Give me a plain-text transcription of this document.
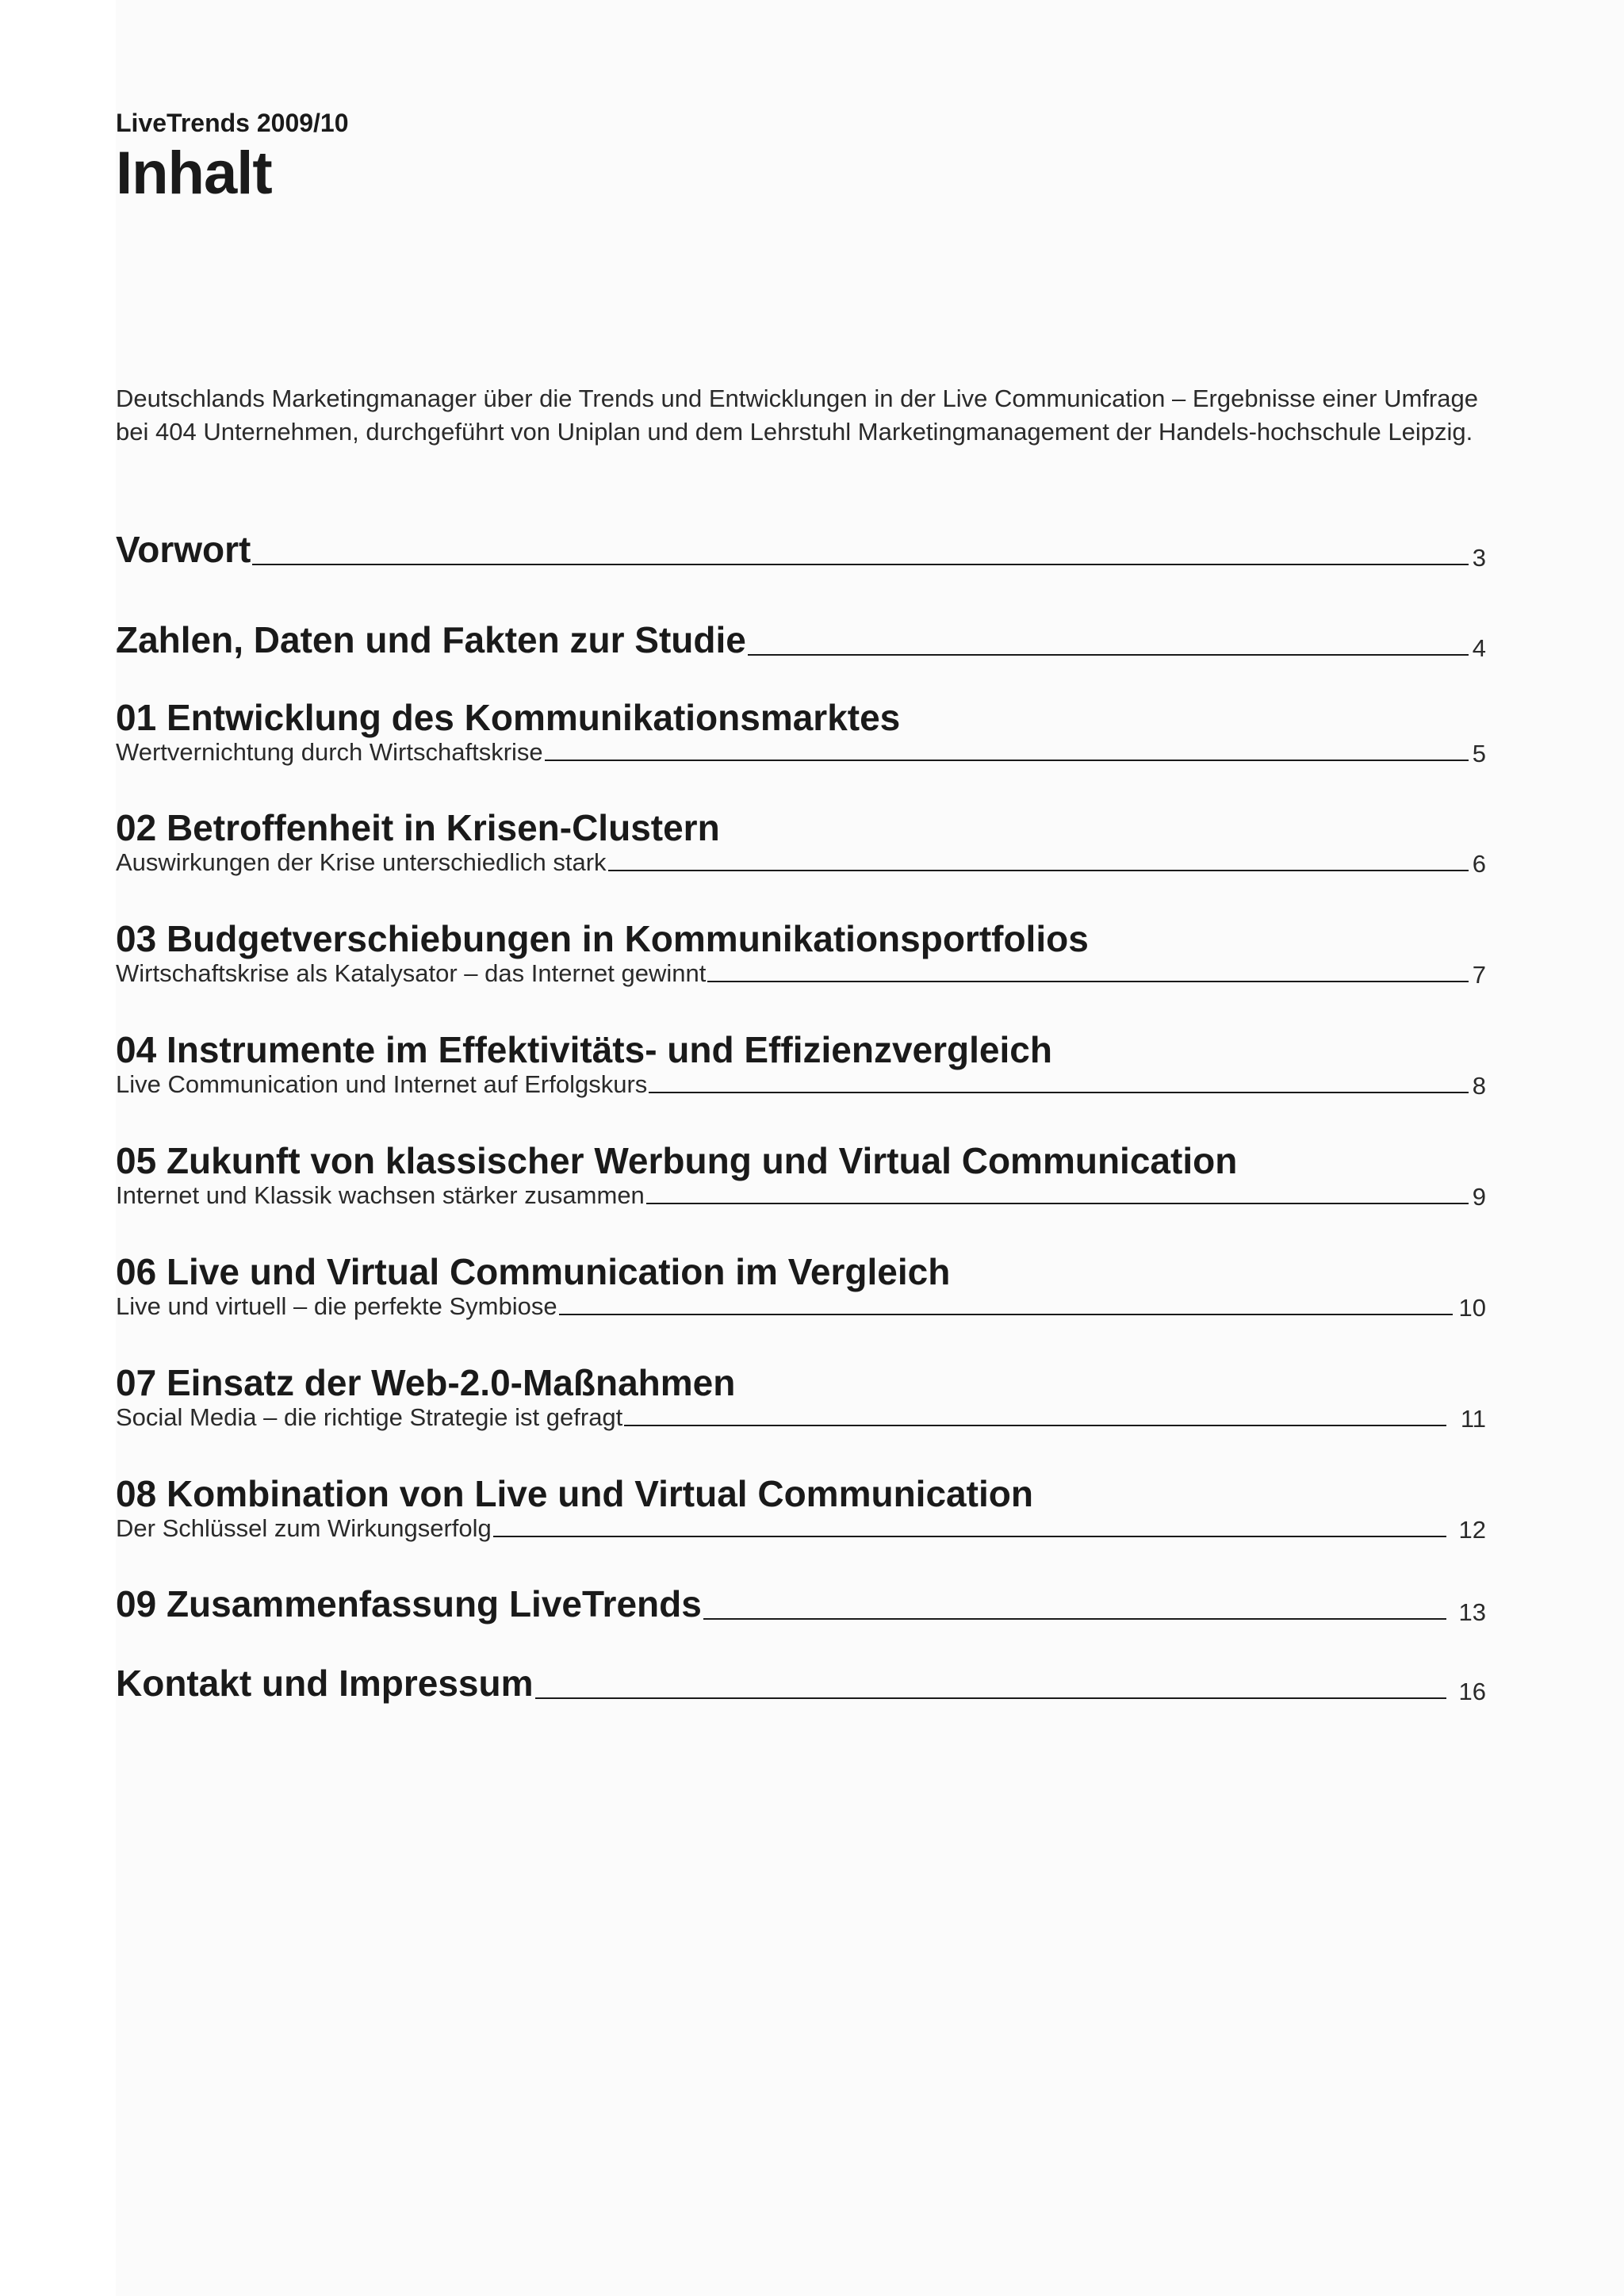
LiveTrends 2009/10
Inhalt
Deutschlands Marketingmanager über die Trends und Entwicklungen in der Live Communication – Ergebnisse einer Umfrage bei 404 Unternehmen, durchgeführt von Uniplan und dem Lehrstuhl Marketingmanagement der Handels-hochschule Leipzig.
Vorwort	3
Zahlen, Daten und Fakten zur Studie	4
01 Entwicklung des Kommunikationsmarktes
Wertvernichtung durch Wirtschaftskrise	5
02 Betroffenheit in Krisen-Clustern
Auswirkungen der Krise unterschiedlich stark	6
03 Budgetverschiebungen in Kommunikationsportfolios
Wirtschaftskrise als Katalysator – das Internet gewinnt	7
04 Instrumente im Effektivitäts- und Effizienzvergleich
Live Communication und Internet auf Erfolgskurs	8
05 Zukunft von klassischer Werbung und Virtual Communication
Internet und Klassik wachsen stärker zusammen	9
06 Live und Virtual Communication im Vergleich
Live und virtuell – die perfekte Symbiose	10
07 Einsatz der Web-2.0-Maßnahmen
Social Media – die richtige Strategie ist gefragt	11
08 Kombination von Live und Virtual Communication
Der Schlüssel zum Wirkungserfolg	12
09 Zusammenfassung LiveTrends	13
Kontakt und Impressum	16
